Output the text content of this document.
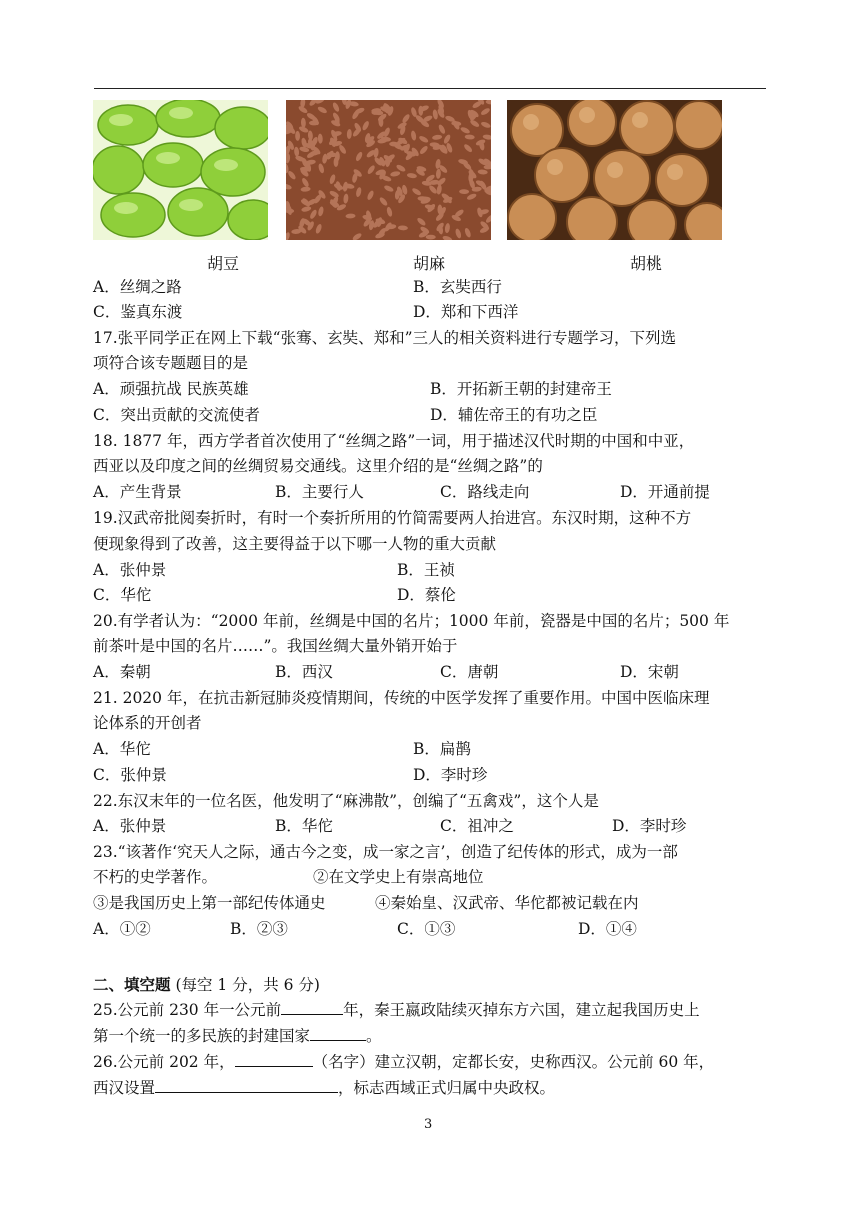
胡豆	胡麻	胡桃
A．丝绸之路	B．玄奘西行
C．鉴真东渡	D．郑和下西洋
17.张平同学正在网上下载“张骞、玄奘、郑和”三人的相关资料进行专题学习，下列选
项符合该专题题目的是
A．顽强抗战 民族英雄	B．开拓新王朝的封建帝王
C．突出贡献的交流使者	D．辅佐帝王的有功之臣
18. 1877 年，西方学者首次使用了“丝绸之路”一词，用于描述汉代时期的中国和中亚，
西亚以及印度之间的丝绸贸易交通线。这里介绍的是“丝绸之路”的
A．产生背景	B．主要行人	C．路线走向	D．开通前提
19.汉武帝批阅奏折时，有时一个奏折所用的竹简需要两人抬进宫。东汉时期，这种不方
便现象得到了改善，这主要得益于以下哪一人物的重大贡献
A．张仲景	B．王祯
C．华佗	D．蔡伦
20.有学者认为：“2000 年前，丝绸是中国的名片；1000 年前，瓷器是中国的名片；500 年
前茶叶是中国的名片……”。我国丝绸大量外销开始于
A．秦朝	B．西汉	C．唐朝	D．宋朝
21. 2020 年，在抗击新冠肺炎疫情期间，传统的中医学发挥了重要作用。中国中医临床理
论体系的开创者
A．华佗	B．扁鹊
C．张仲景	D．李时珍
22.东汉末年的一位名医，他发明了“麻沸散”，创编了“五禽戏”，这个人是
A．张仲景	B．华佗	C．祖冲之	D．李时珍
23.“该著作‘究天人之际，通古今之变，成一家之言’，创造了纪传体的形式，成为一部
不朽的史学著作。	②在文学史上有崇高地位
③是我国历史上第一部纪传体通史	④秦始皇、汉武帝、华佗都被记载在内
A．①②	B．②③	C．①③	D．①④
二、填空题 (每空 1 分，共 6 分)
25.公元前 230 年一公元前	年，秦王嬴政陆续灭掉东方六国，建立起我国历史上
第一个统一的多民族的封建国家	。
26.公元前 202 年，	（名字）建立汉朝，定都长安，史称西汉。公元前 60 年，
西汉设置	，标志西域正式归属中央政权。
3
